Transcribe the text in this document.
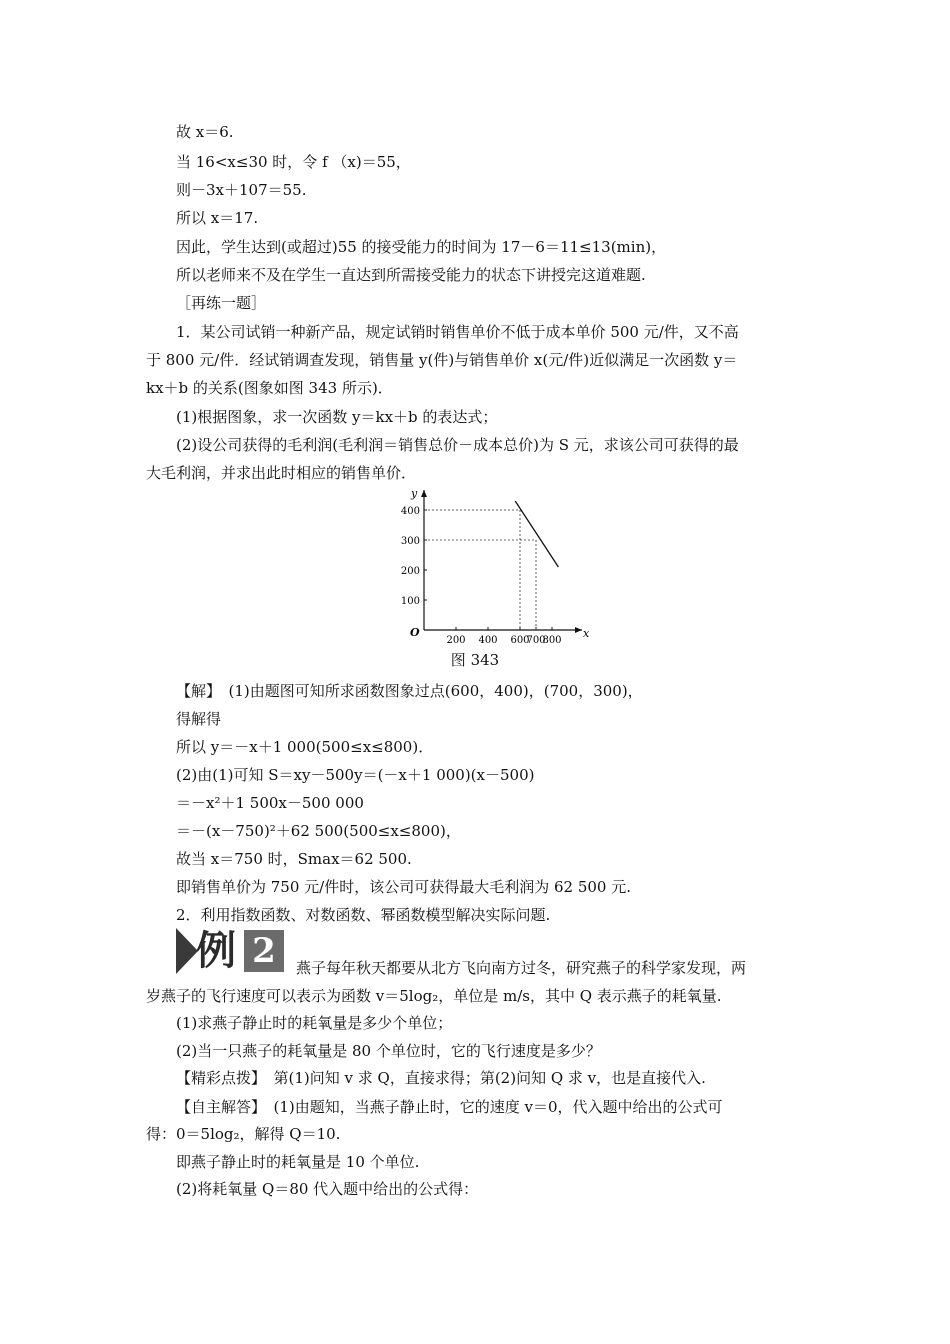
故 x＝6.
当 16<x≤30 时，令 f （x)＝55，
则－3x＋107＝55.
所以 x＝17.
因此，学生达到(或超过)55 的接受能力的时间为 17－6＝11≤13(min)，
所以老师来不及在学生一直达到所需接受能力的状态下讲授完这道难题.
［再练一题］
1．某公司试销一种新产品，规定试销时销售单价不低于成本单价 500 元/件，又不高
于 800 元/件．经试销调查发现，销售量 y(件)与销售单价 x(元/件)近似满足一次函数 y＝
kx＋b 的关系(图象如图 343 所示)．
(1)根据图象，求一次函数 y＝kx＋b 的表达式；
(2)设公司获得的毛利润(毛利润＝销售总价－成本总价)为 S 元，求该公司可获得的最
大毛利润，并求出此时相应的销售单价．
x
y
O
200 400 600
700
800
100
200
300
400
图 343
【解】　(1)由题图可知所求函数图象过点(600，400)，(700，300)，
得解得
所以 y＝－x＋1 000(500≤x≤800)．
(2)由(1)可知 S＝xy－500y＝(－x＋1 000)(x－500)
＝－x²＋1 500x－500 000
＝－(x－750)²＋62 500(500≤x≤800)，
故当 x＝750 时，Smax＝62 500.
即销售单价为 750 元/件时，该公司可获得最大毛利润为 62 500 元.
2．利用指数函数、对数函数、幂函数模型解决实际问题.
例 2	燕子每年秋天都要从北方飞向南方过冬，研究燕子的科学家发现，两
岁燕子的飞行速度可以表示为函数 v＝5log₂，单位是 m/s，其中 Q 表示燕子的耗氧量.
(1)求燕子静止时的耗氧量是多少个单位；
(2)当一只燕子的耗氧量是 80 个单位时，它的飞行速度是多少？
【精彩点拨】　第(1)问知 v 求 Q，直接求得；第(2)问知 Q 求 v，也是直接代入.
【自主解答】　(1)由题知，当燕子静止时，它的速度 v＝0，代入题中给出的公式可
得：0＝5log₂，解得 Q＝10.
即燕子静止时的耗氧量是 10 个单位.
(2)将耗氧量 Q＝80 代入题中给出的公式得：
